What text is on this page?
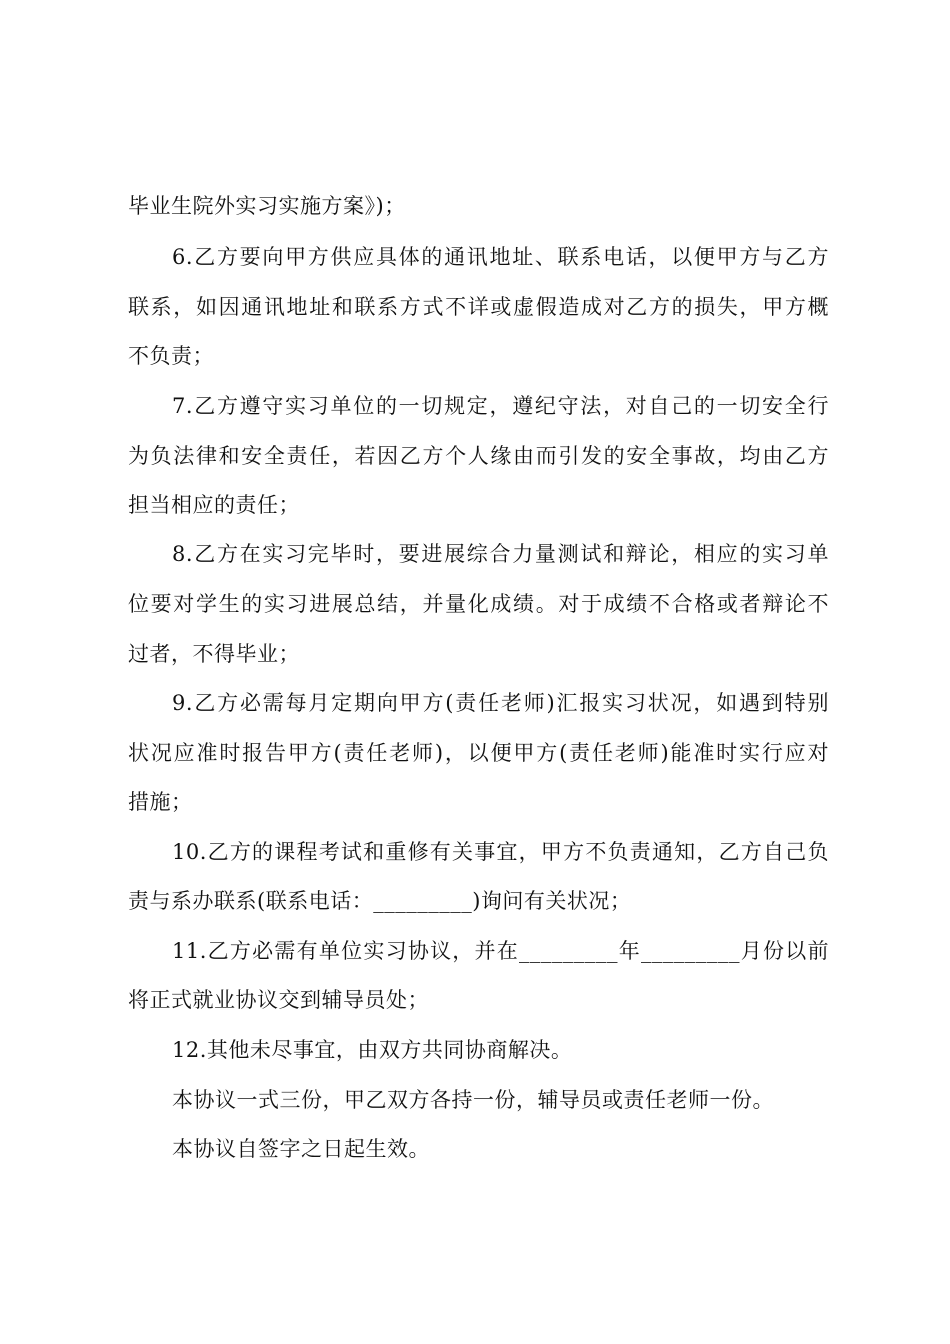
毕业生院外实习实施方案》)；
6.乙方要向甲方供应具体的通讯地址、联系电话，以便甲方与乙方
联系，如因通讯地址和联系方式不详或虚假造成对乙方的损失，甲方概
不负责；
7.乙方遵守实习单位的一切规定，遵纪守法，对自己的一切安全行
为负法律和安全责任，若因乙方个人缘由而引发的安全事故，均由乙方
担当相应的责任；
8.乙方在实习完毕时，要进展综合力量测试和辩论，相应的实习单
位要对学生的实习进展总结，并量化成绩。对于成绩不合格或者辩论不
过者，不得毕业；
9.乙方必需每月定期向甲方(责任老师)汇报实习状况，如遇到特别
状况应准时报告甲方(责任老师)，以便甲方(责任老师)能准时实行应对
措施；
10.乙方的课程考试和重修有关事宜，甲方不负责通知，乙方自己负
责与系办联系(联系电话：_________)询问有关状况；
11.乙方必需有单位实习协议，并在_________年_________月份以前
将正式就业协议交到辅导员处；
12.其他未尽事宜，由双方共同协商解决。
本协议一式三份，甲乙双方各持一份，辅导员或责任老师一份。
本协议自签字之日起生效。
